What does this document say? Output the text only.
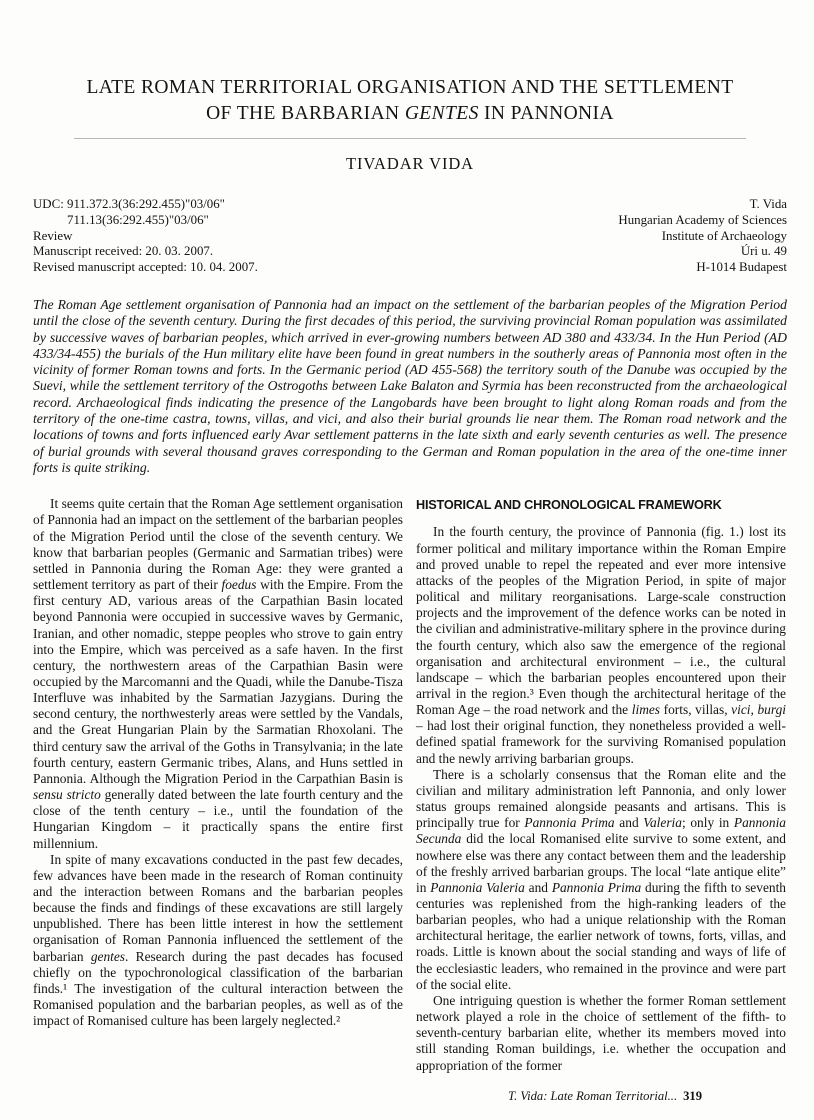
LATE ROMAN TERRITORIAL ORGANISATION AND THE SETTLEMENT
OF THE BARBARIAN GENTES IN PANNONIA
TIVADAR VIDA
UDC: 911.372.3(36:292.455)"03/06"
711.13(36:292.455)"03/06"
Review
Manuscript received: 20. 03. 2007.
Revised manuscript accepted: 10. 04. 2007.
T. Vida
Hungarian Academy of Sciences
Institute of Archaeology
Úri u. 49
H-1014 Budapest
The Roman Age settlement organisation of Pannonia had an impact on the settlement of the barbarian peoples of the Migration Period until the close of the seventh century. During the first decades of this period, the surviving provincial Roman population was assimilated by successive waves of barbarian peoples, which arrived in ever-growing numbers between AD 380 and 433/34. In the Hun Period (AD 433/34-455) the burials of the Hun military elite have been found in great numbers in the southerly areas of Pannonia most often in the vicinity of former Roman towns and forts. In the Germanic period (AD 455-568) the territory south of the Danube was occupied by the Suevi, while the settlement territory of the Ostrogoths between Lake Balaton and Syrmia has been reconstructed from the archaeological record. Archaeological finds indicating the presence of the Langobards have been brought to light along Roman roads and from the territory of the one-time castra, towns, villas, and vici, and also their burial grounds lie near them. The Roman road network and the locations of towns and forts influenced early Avar settlement patterns in the late sixth and early seventh centuries as well. The presence of burial grounds with several thousand graves corresponding to the German and Roman population in the area of the one-time inner forts is quite striking.

It seems quite certain that the Roman Age settlement organisation of Pannonia had an impact on the settlement of the barbarian peoples of the Migration Period until the close of the seventh century. We know that barbarian peoples (Germanic and Sarmatian tribes) were settled in Pannonia during the Roman Age: they were granted a settlement territory as part of their foedus with the Empire. From the first century AD, various areas of the Carpathian Basin located beyond Pannonia were occupied in successive waves by Germanic, Iranian, and other nomadic, steppe peoples who strove to gain entry into the Empire, which was perceived as a safe haven. In the first century, the northwestern areas of the Carpathian Basin were occupied by the Marcomanni and the Quadi, while the Danube-Tisza Interfluve was inhabited by the Sarmatian Jazygians. During the second century, the northwesterly areas were settled by the Vandals, and the Great Hungarian Plain by the Sarmatian Rhoxolani. The third century saw the arrival of the Goths in Transylvania; in the late fourth century, eastern Germanic tribes, Alans, and Huns settled in Pannonia. Although the Migration Period in the Carpathian Basin is sensu stricto generally dated between the late fourth century and the close of the tenth century – i.e., until the foundation of the Hungarian Kingdom – it practically spans the entire first millennium.

In spite of many excavations conducted in the past few decades, few advances have been made in the research of Roman continuity and the interaction between Romans and the barbarian peoples because the finds and findings of these excavations are still largely unpublished. There has been little interest in how the settlement organisation of Roman Pannonia influenced the settlement of the barbarian gentes. Research during the past decades has focused chiefly on the typochronological classification of the barbarian finds.¹ The investigation of the cultural interaction between the Romanised population and the barbarian peoples, as well as of the impact of Romanised culture has been largely neglected.²

HISTORICAL AND CHRONOLOGICAL FRAMEWORK

In the fourth century, the province of Pannonia (fig. 1.) lost its former political and military importance within the Roman Empire and proved unable to repel the repeated and ever more intensive attacks of the peoples of the Migration Period, in spite of major political and military reorganisations. Large-scale construction projects and the improvement of the defence works can be noted in the civilian and administrative-military sphere in the province during the fourth century, which also saw the emergence of the regional organisation and architectural environment – i.e., the cultural landscape – which the barbarian peoples encountered upon their arrival in the region.³ Even though the architectural heritage of the Roman Age – the road network and the limes forts, villas, vici, burgi – had lost their original function, they nonetheless provided a well-defined spatial framework for the surviving Romanised population and the newly arriving barbarian groups.

There is a scholarly consensus that the Roman elite and the civilian and military administration left Pannonia, and only lower status groups remained alongside peasants and artisans. This is principally true for Pannonia Prima and Valeria; only in Pannonia Secunda did the local Romanised elite survive to some extent, and nowhere else was there any contact between them and the leadership of the freshly arrived barbarian groups. The local “late antique elite” in Pannonia Valeria and Pannonia Prima during the fifth to seventh centuries was replenished from the high-ranking leaders of the barbarian peoples, who had a unique relationship with the Roman architectural heritage, the earlier network of towns, forts, villas, and roads. Little is known about the social standing and ways of life of the ecclesiastic leaders, who remained in the province and were part of the social elite.

One intriguing question is whether the former Roman settlement network played a role in the choice of settlement of the fifth- to seventh-century barbarian elite, whether its members moved into still standing Roman buildings, i.e. whether the occupation and appropriation of the former

T. Vida: Late Roman Territorial... 319
